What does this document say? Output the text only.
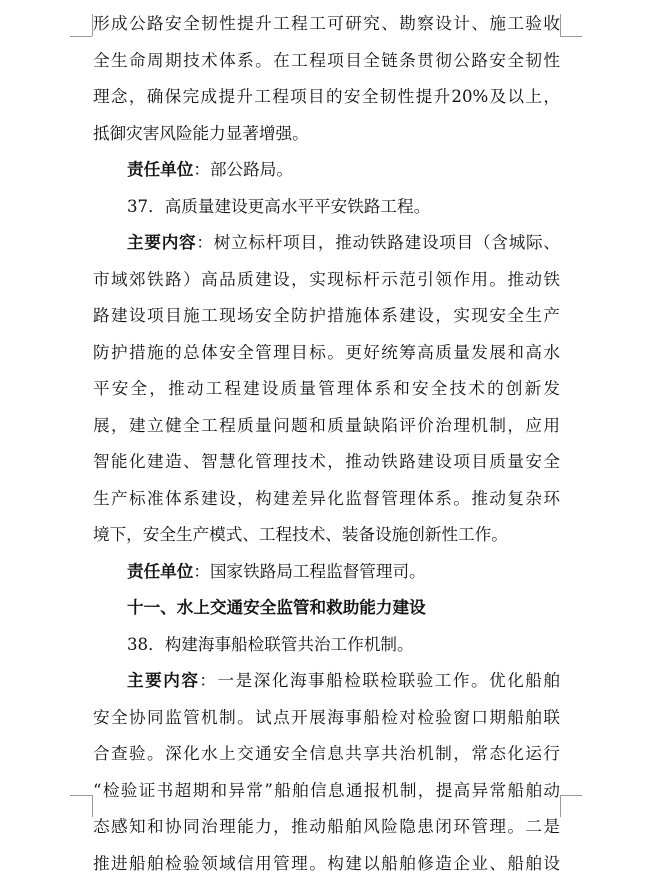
形成公路安全韧性提升工程工可研究、勘察设计、施工验收
全生命周期技术体系。在工程项目全链条贯彻公路安全韧性
理念，确保完成提升工程项目的安全韧性提升20%及以上，
抵御灾害风险能力显著增强。
责任单位：部公路局。
37．高质量建设更高水平平安铁路工程。
主要内容：树立标杆项目，推动铁路建设项目（含城际、
市域郊铁路）高品质建设，实现标杆示范引领作用。推动铁
路建设项目施工现场安全防护措施体系建设，实现安全生产
防护措施的总体安全管理目标。更好统筹高质量发展和高水
平安全，推动工程建设质量管理体系和安全技术的创新发
展，建立健全工程质量问题和质量缺陷评价治理机制，应用
智能化建造、智慧化管理技术，推动铁路建设项目质量安全
生产标准体系建设，构建差异化监督管理体系。推动复杂环
境下，安全生产模式、工程技术、装备设施创新性工作。
责任单位：国家铁路局工程监督管理司。
十一、水上交通安全监管和救助能力建设
38．构建海事船检联管共治工作机制。
主要内容：一是深化海事船检联检联验工作。优化船舶
安全协同监管机制。试点开展海事船检对检验窗口期船舶联
合查验。深化水上交通安全信息共享共治机制，常态化运行
“检验证书超期和异常”船舶信息通报机制，提高异常船舶动
态感知和协同治理能力，推动船舶风险隐患闭环管理。二是
推进船舶检验领域信用管理。构建以船舶修造企业、船舶设
